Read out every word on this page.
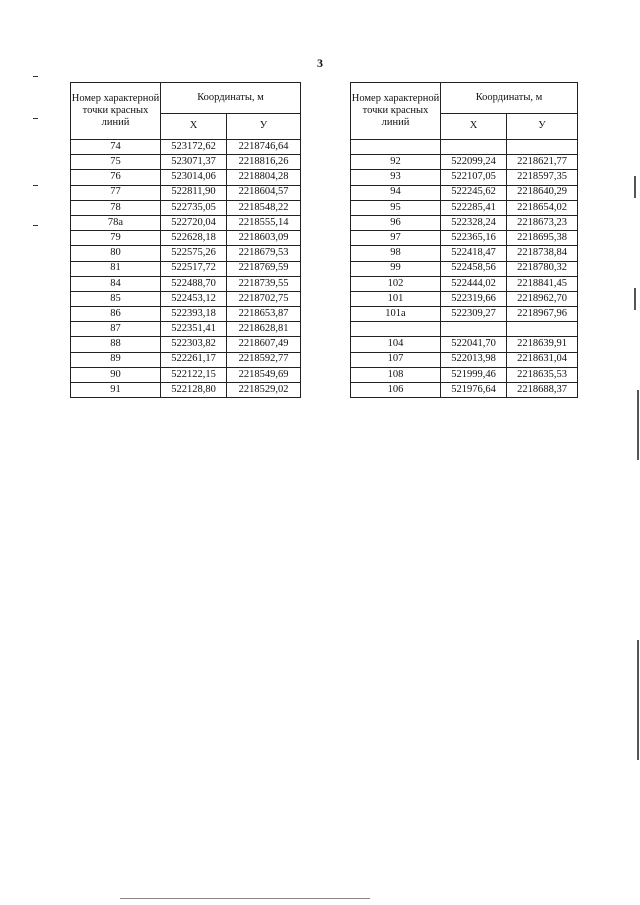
3
Номер характерной точки красных линий	Координаты, м	
	X	У
74	523172,62	2218746,64
75	523071,37	2218816,26
76	523014,06	2218804,28
77	522811,90	2218604,57
78	522735,05	2218548,22
78а	522720,04	2218555,14
79	522628,18	2218603,09
80	522575,26	2218679,53
81	522517,72	2218769,59
84	522488,70	2218739,55
85	522453,12	2218702,75
86	522393,18	2218653,87
87	522351,41	2218628,81
88	522303,82	2218607,49
89	522261,17	2218592,77
90	522122,15	2218549,69
91	522128,80	2218529,02
Номер характерной точки красных линий	Координаты, м	
	X	У

92	522099,24	2218621,77
93	522107,05	2218597,35
94	522245,62	2218640,29
95	522285,41	2218654,02
96	522328,24	2218673,23
97	522365,16	2218695,38
98	522418,47	2218738,84
99	522458,56	2218780,32
102	522444,02	2218841,45
101	522319,66	2218962,70
101а	522309,27	2218967,96

104	522041,70	2218639,91
107	522013,98	2218631,04
108	521999,46	2218635,53
106	521976,64	2218688,37
